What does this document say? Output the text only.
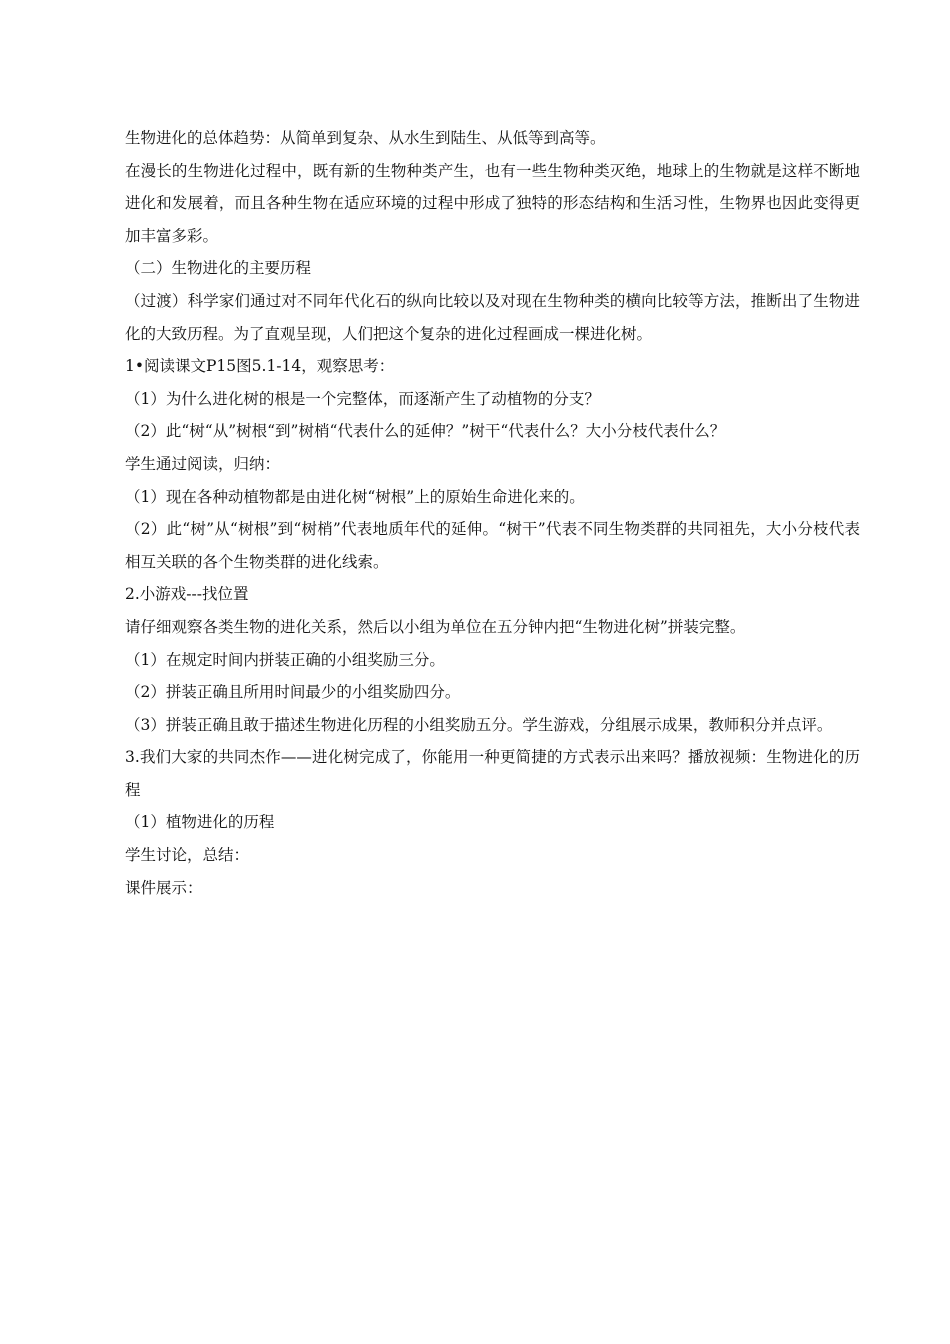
生物进化的总体趋势：从简单到复杂、从水生到陆生、从低等到高等。

在漫长的生物进化过程中，既有新的生物种类产生，也有一些生物种类灭绝，地球上的生物就是这样不断地进化和发展着，而且各种生物在适应环境的过程中形成了独特的形态结构和生活习性，生物界也因此变得更加丰富多彩。

（二）生物进化的主要历程

（过渡）科学家们通过对不同年代化石的纵向比较以及对现在生物种类的横向比较等方法，推断出了生物进化的大致历程。为了直观呈现，人们把这个复杂的进化过程画成一棵进化树。

1•阅读课文P15图5.1-14，观察思考：

（1）为什么进化树的根是一个完整体，而逐渐产生了动植物的分支？

（2）此“树“从”树根“到”树梢“代表什么的延伸？”树干“代表什么？大小分枝代表什么？

学生通过阅读，归纳：

（1）现在各种动植物都是由进化树“树根”上的原始生命进化来的。

（2）此“树”从“树根”到“树梢”代表地质年代的延伸。“树干”代表不同生物类群的共同祖先，大小分枝代表相互关联的各个生物类群的进化线索。

2.小游戏---找位置

请仔细观察各类生物的进化关系，然后以小组为单位在五分钟内把“生物进化树”拼装完整。

（1）在规定时间内拼装正确的小组奖励三分。

（2）拼装正确且所用时间最少的小组奖励四分。

（3）拼装正确且敢于描述生物进化历程的小组奖励五分。学生游戏，分组展示成果，教师积分并点评。

3.我们大家的共同杰作——进化树完成了，你能用一种更简捷的方式表示出来吗？播放视频：生物进化的历程

（1）植物进化的历程

学生讨论，总结：

课件展示：
